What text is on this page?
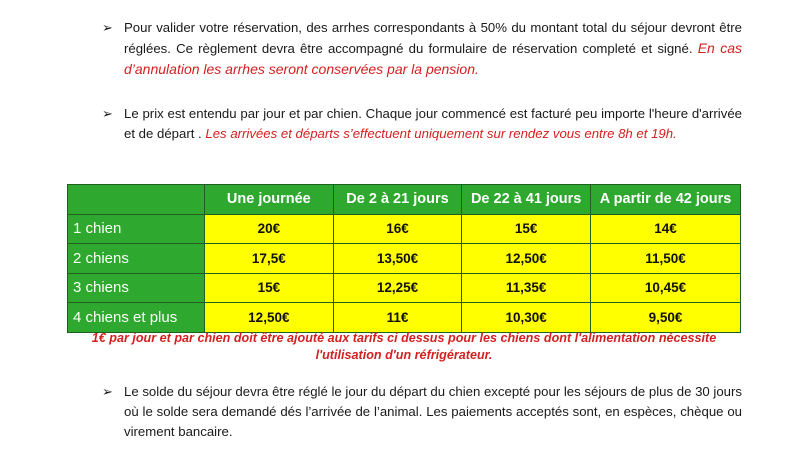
➢ Pour valider votre réservation, des arrhes correspondants à 50% du montant total du séjour devront être réglées. Ce règlement devra être accompagné du formulaire de réservation completé et signé. En cas d’annulation les arrhes seront conservées par la pension.
➢ Le prix est entendu par jour et par chien. Chaque jour commencé est facturé peu importe l'heure d'arrivée et de départ . Les arrivées et départs s’effectuent uniquement sur rendez vous entre 8h et 19h.
	Une journée	De 2 à 21 jours	De 22 à 41 jours	A partir de 42 jours
1 chien	20€	16€	15€	14€
2 chiens	17,5€	13,50€	12,50€	11,50€
3 chiens	15€	12,25€	11,35€	10,45€
4 chiens et plus	12,50€	11€	10,30€	9,50€
1€ par jour et par chien doit être ajouté aux tarifs ci dessus pour les chiens dont l'alimentation nécessite l'utilisation d'un réfrigérateur.
➢ Le solde du séjour devra être réglé le jour du départ du chien excepté pour les séjours de plus de 30 jours où le solde sera demandé dés l’arrivée de l’animal. Les paiements acceptés sont, en espèces, chèque ou virement bancaire.
